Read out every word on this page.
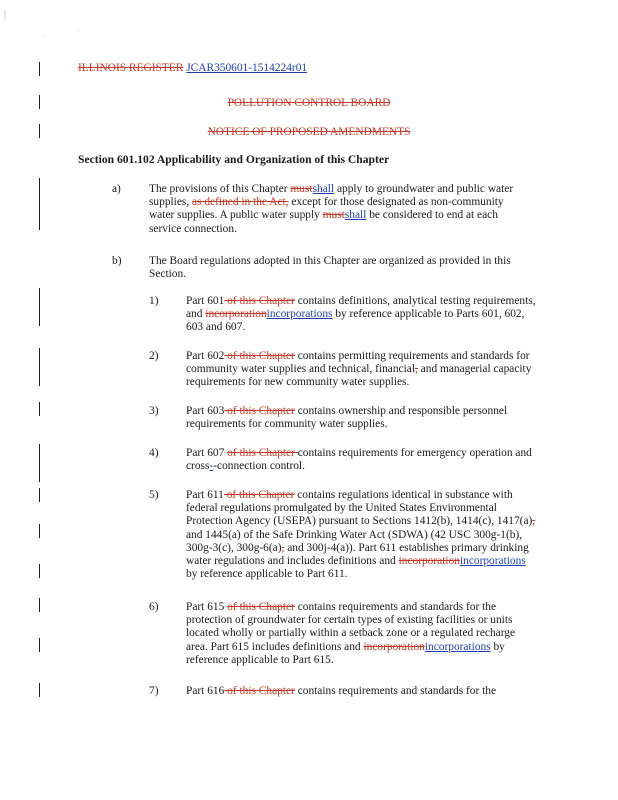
|
.
.
ILLINOIS REGISTER JCAR350601-1514224r01
POLLUTION CONTROL BOARD
NOTICE OF PROPOSED AMENDMENTS
Section 601.102 Applicability and Organization of this Chapter
a) The provisions of this Chapter mustshall apply to groundwater and public water supplies, as defined in the Act, except for those designated as non-community water supplies. A public water supply mustshall be considered to end at each service connection.
b) The Board regulations adopted in this Chapter are organized as provided in this Section.
1) Part 601 of this Chapter contains definitions, analytical testing requirements, and incorporationincorporations by reference applicable to Parts 601, 602, 603 and 607.
2) Part 602 of this Chapter contains permitting requirements and standards for community water supplies and technical, financial, and managerial capacity requirements for new community water supplies.
3) Part 603 of this Chapter contains ownership and responsible personnel requirements for community water supplies.
4) Part 607 of this Chapter contains requirements for emergency operation and cross--connection control.
5) Part 611 of this Chapter contains regulations identical in substance with federal regulations promulgated by the United States Environmental Protection Agency (USEPA) pursuant to Sections 1412(b), 1414(c), 1417(a), and 1445(a) of the Safe Drinking Water Act (SDWA) (42 USC 300g-1(b), 300g-3(c), 300g-6(a), and 300j-4(a)). Part 611 establishes primary drinking water regulations and includes definitions and incorporationincorporations by reference applicable to Part 611.
6) Part 615 of this Chapter contains requirements and standards for the protection of groundwater for certain types of existing facilities or units located wholly or partially within a setback zone or a regulated recharge area. Part 615 includes definitions and incorporationincorporations by reference applicable to Part 615.
7) Part 616 of this Chapter contains requirements and standards for the
